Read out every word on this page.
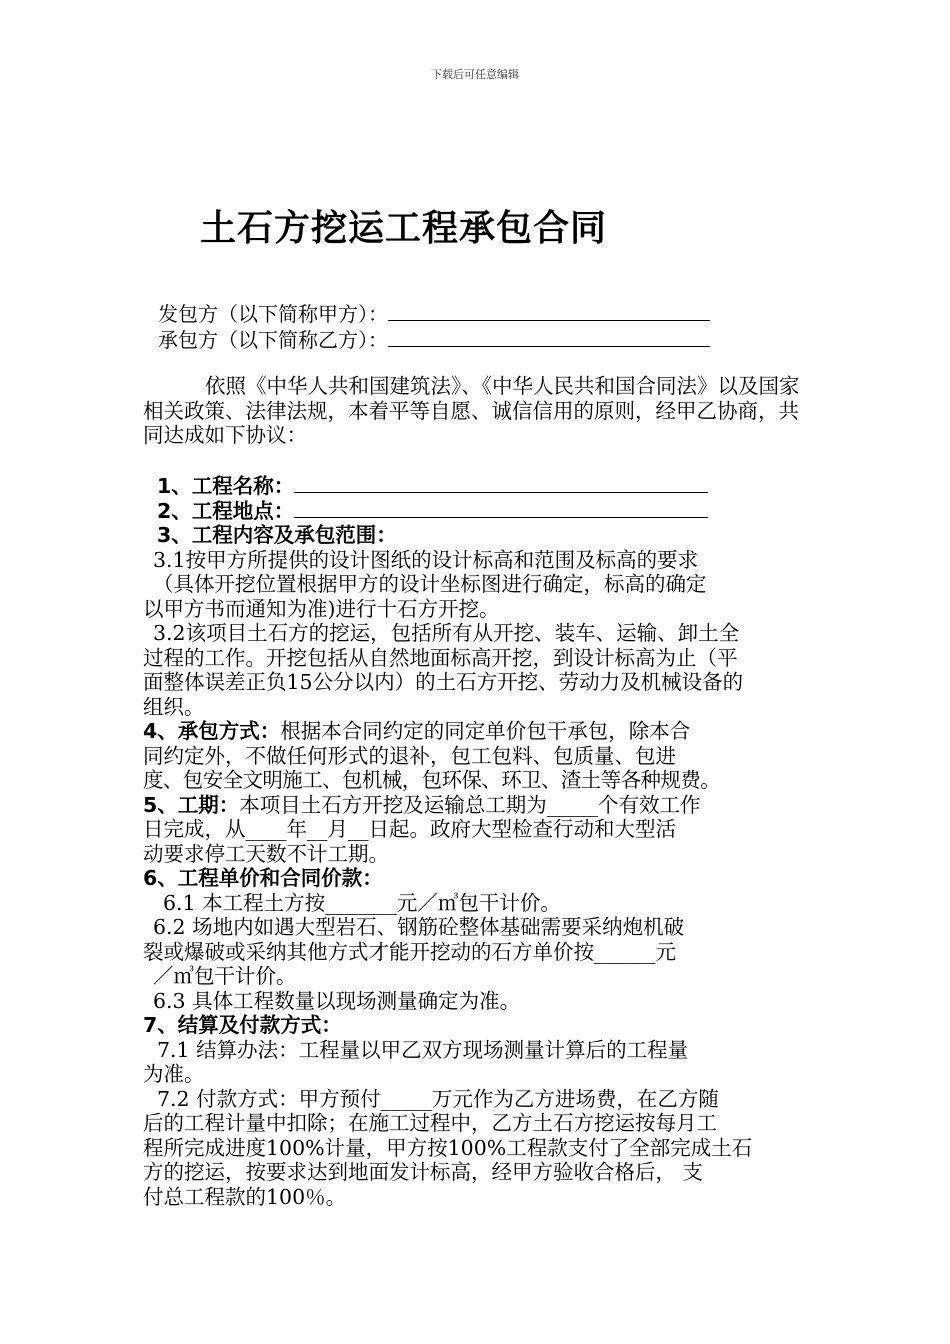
下载后可任意编辑
土石方挖运工程承包合同
发包方（以下简称甲方）：
承包方（以下简称乙方）：

依照《中华人共和国建筑法》、《中华人民共和国合同法》以及国家相关政策、法律法规，本着平等自愿、诚信信用的原则，经甲乙协商，共同达成如下协议：

1、工程名称：

2、工程地点：

3、工程内容及承包范围：

3.1按甲方所提供的设计图纸的设计标高和范围及标高的要求

（具体开挖位置根据甲方的设计坐标图进行确定，标高的确定

以甲方书而通知为准)进行十石方开挖。

3.2该项目土石方的挖运，包括所有从开挖、装车、运输、卸土全

过程的工作。开挖包括从自然地面标高开挖，到设计标高为止（平

面整体误差正负15公分以内）的土石方开挖、劳动力及机械设备的

组织。

4、承包方式：根据本合同约定的同定单价包干承包，除本合

同约定外，不做任何形式的退补，包工包料、包质量、包进

度、包安全文明施工、包机械，包环保、环卫、渣土等各种规费。

5、工期：本项目土石方开挖及运输总工期为_____个有效工作

日完成，从____年__月__日起。政府大型检查行动和大型活

动要求停工天数不计工期。

6、工程单价和合同价款：

6.1 本工程土方按_______元／㎥包干计价。

6.2 场地内如遇大型岩石、钢筋砼整体基础需要采纳炮机破

裂或爆破或采纳其他方式才能开挖动的石方单价按______元

／㎥包干计价。

6.3 具体工程数量以现场测量确定为准。

7、结算及付款方式：

7.1 结算办法：工程量以甲乙双方现场测量计算后的工程量

为准。

7.2 付款方式：甲方预付_____万元作为乙方进场费，在乙方随

后的工程计量中扣除；在施工过程中，乙方土石方挖运按每月工

程所完成进度100%计量，甲方按100%工程款支付了全部完成土石

方的挖运，按要求达到地面发计标高，经甲方验收合格后， 支

付总工程款的100％。
